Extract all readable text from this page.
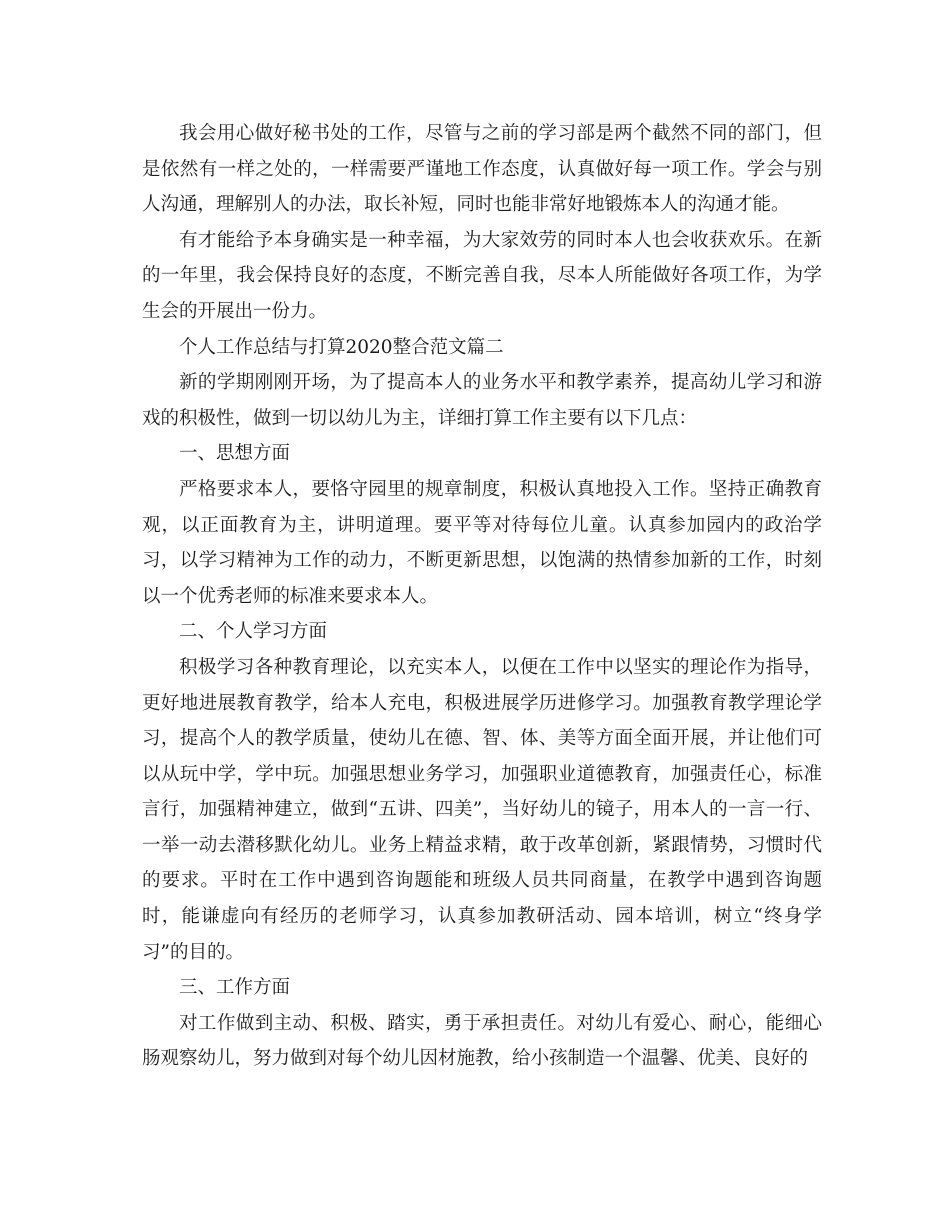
我会用心做好秘书处的工作，尽管与之前的学习部是两个截然不同的部门，但是依然有一样之处的，一样需要严谨地工作态度，认真做好每一项工作。学会与别人沟通，理解别人的办法，取长补短，同时也能非常好地锻炼本人的沟通才能。

有才能给予本身确实是一种幸福，为大家效劳的同时本人也会收获欢乐。在新的一年里，我会保持良好的态度，不断完善自我，尽本人所能做好各项工作，为学生会的开展出一份力。

个人工作总结与打算2020整合范文篇二

新的学期刚刚开场，为了提高本人的业务水平和教学素养，提高幼儿学习和游戏的积极性，做到一切以幼儿为主，详细打算工作主要有以下几点：

一、思想方面

严格要求本人，要恪守园里的规章制度，积极认真地投入工作。坚持正确教育观，以正面教育为主，讲明道理。要平等对待每位儿童。认真参加园内的政治学习，以学习精神为工作的动力，不断更新思想，以饱满的热情参加新的工作，时刻以一个优秀老师的标准来要求本人。

二、个人学习方面

积极学习各种教育理论，以充实本人，以便在工作中以坚实的理论作为指导，更好地进展教育教学，给本人充电，积极进展学历进修学习。加强教育教学理论学习，提高个人的教学质量，使幼儿在德、智、体、美等方面全面开展，并让他们可以从玩中学，学中玩。加强思想业务学习，加强职业道德教育，加强责任心，标准言行，加强精神建立，做到“五讲、四美”，当好幼儿的镜子，用本人的一言一行、一举一动去潜移默化幼儿。业务上精益求精，敢于改革创新，紧跟情势，习惯时代的要求。平时在工作中遇到咨询题能和班级人员共同商量，在教学中遇到咨询题时，能谦虚向有经历的老师学习，认真参加教研活动、园本培训，树立“终身学习”的目的。

三、工作方面

对工作做到主动、积极、踏实，勇于承担责任。对幼儿有爱心、耐心，能细心肠观察幼儿，努力做到对每个幼儿因材施教，给小孩制造一个温馨、优美、良好的
